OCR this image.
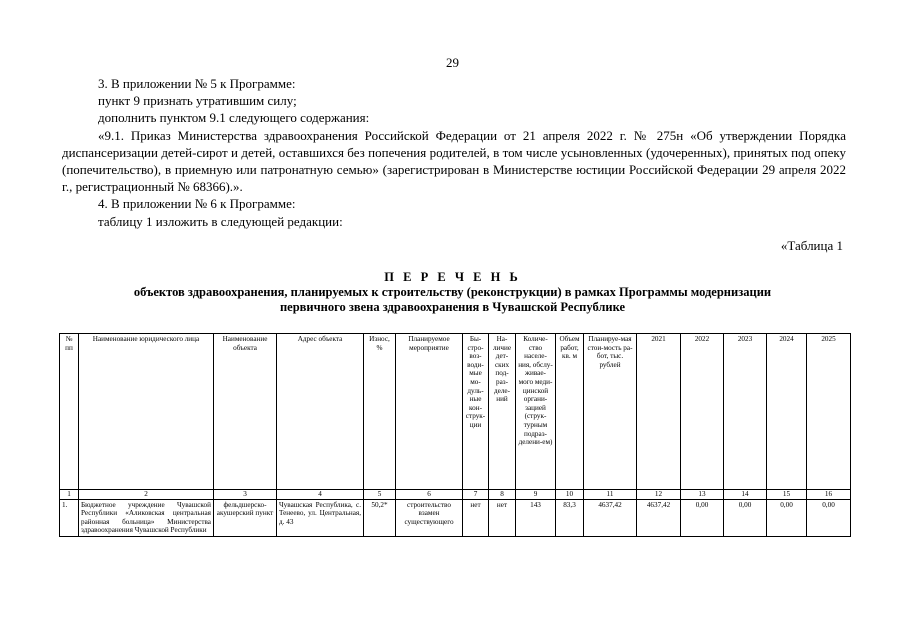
29

3. В приложении № 5 к Программе:

пункт 9 признать утратившим силу;

дополнить пунктом 9.1 следующего содержания:

«9.1. Приказ Министерства здравоохранения Российской Федерации от 21 апреля 2022 г. № 275н «Об утверждении Порядка диспансеризации детей-сирот и детей, оставшихся без попечения родителей, в том числе усыновленных (удочеренных), принятых под опеку (попечительство), в приемную или патронатную семью» (зарегистрирован в Министерстве юстиции Российской Федерации 29 апреля 2022 г., регистрационный № 68366).».

4. В приложении № 6 к Программе:

таблицу 1 изложить в следующей редакции:

«Таблица 1
П Е Р Е Ч Е Н Ь
объектов здравоохранения, планируемых к строительству (реконструкции) в рамках Программы модернизации
первичного звена здравоохранения в Чувашской Республике
№ пп	Наименование юридического лица	Наименование объекта	Адрес объекта	Износ, %	Планируемое мероприятие	Бы-стро-воз-води-мые мо-дуль-ные кон-струк-ции	На-личие дет-ских под-раз-деле-ний	Количе-ство населе-ния, обслу-живае-мого меди-цинской органи-зацией (струк-турным подраз-делени-ем)	Объем работ, кв. м	Планируе-мая стои-мость ра-бот, тыс. рублей	2021	2022	2023	2024	2025
1	2	3	4	5	6	7	8	9	10	11	12	13	14	15	16
1.	Бюджетное учреждение Чувашской Республики «Аликовская центральная районная больница» Министерства здравоохранения Чувашской Республики	фельдшерско-акушерский пункт	Чувашская Республика, с. Тенеево, ул. Центральная, д. 43	50,2*	строительство взамен существующего	нет	нет	143	83,3	4637,42	4637,42	0,00	0,00	0,00	0,00
